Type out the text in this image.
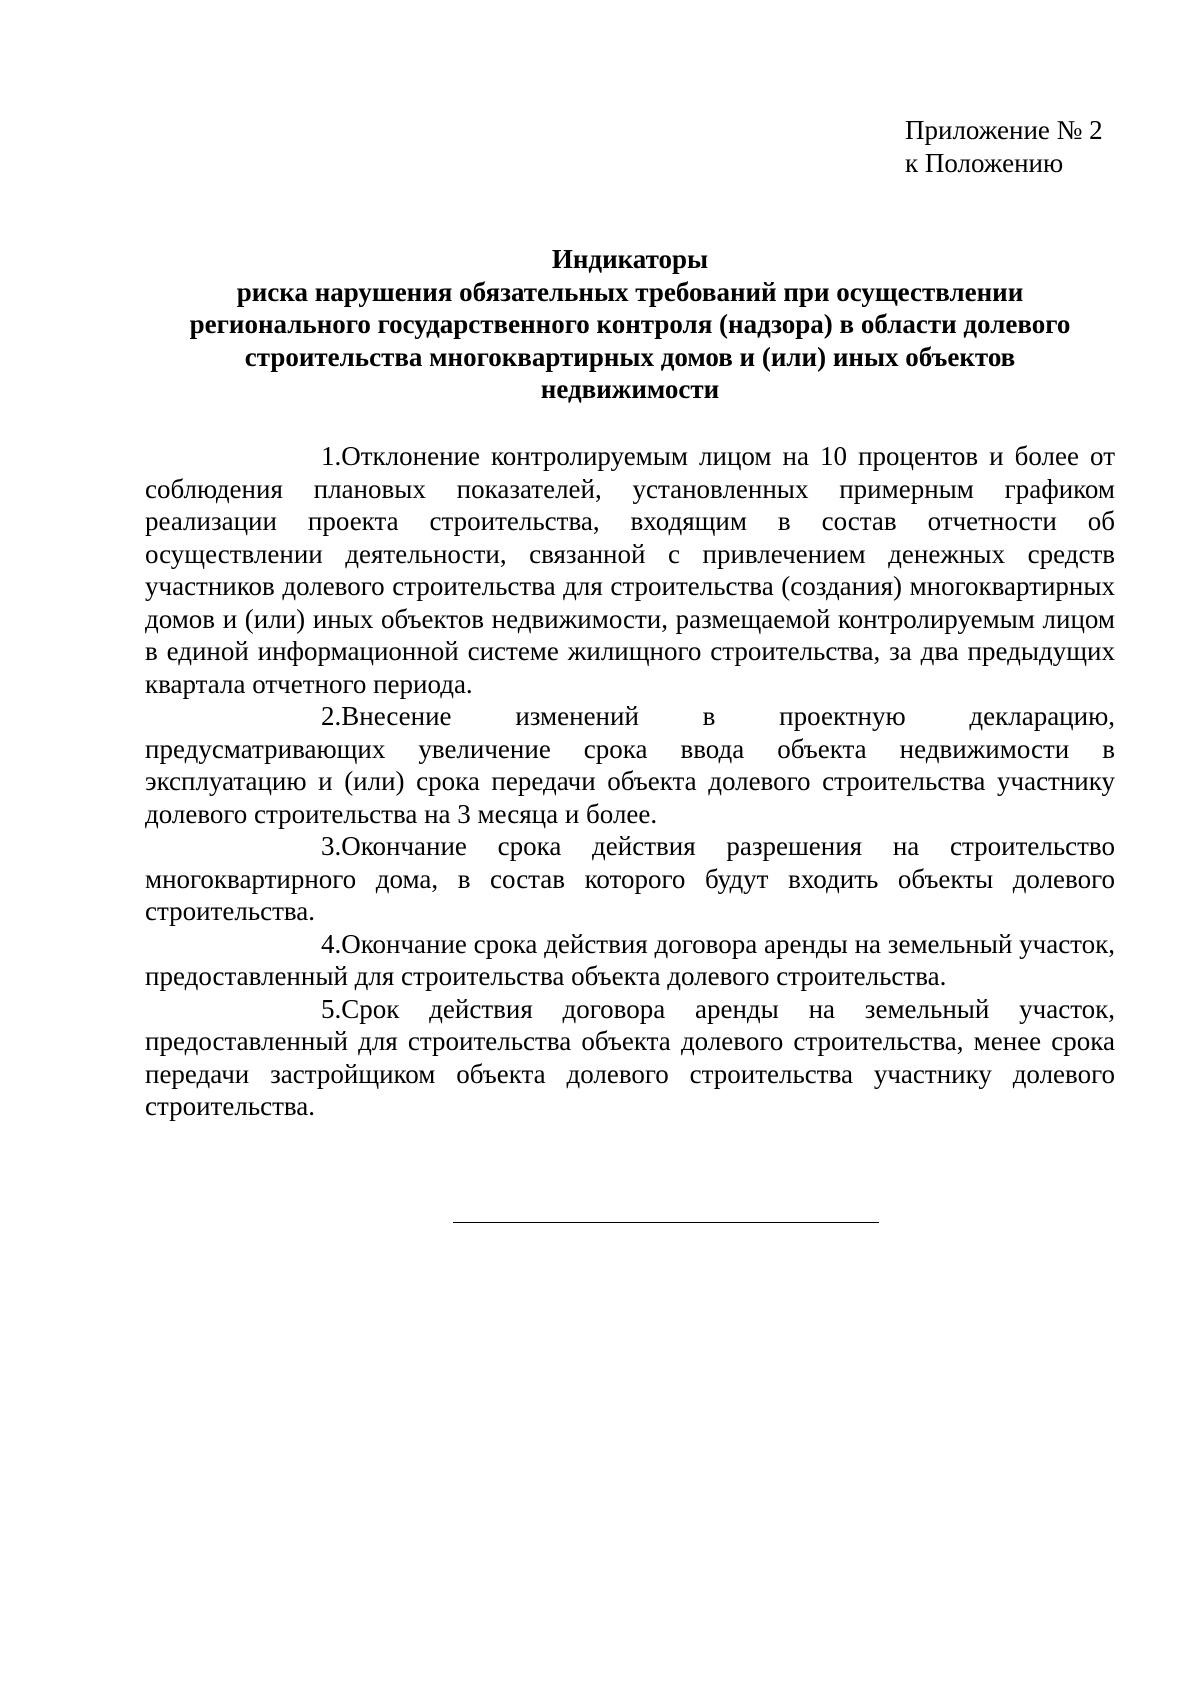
Приложение № 2
к Положению
Индикаторы
риска нарушения обязательных требований при осуществлении
регионального государственного контроля (надзора) в области долевого
строительства многоквартирных домов и (или) иных объектов
недвижимости

1.Отклонение контролируемым лицом на 10 процентов и более от соблюдения плановых показателей, установленных примерным графиком реализации проекта строительства, входящим в состав отчетности об осуществлении деятельности, связанной с привлечением денежных средств участников долевого строительства для строительства (создания) многоквартирных домов и (или) иных объектов недвижимости, размещаемой контролируемым лицом в единой информационной системе жилищного строительства, за два предыдущих квартала отчетного периода.

2.Внесение изменений в проектную декларацию, предусматривающих увеличение срока ввода объекта недвижимости в эксплуатацию и (или) срока передачи объекта долевого строительства участнику долевого строительства на 3 месяца и более.

3.Окончание срока действия разрешения на строительство многоквартирного дома, в состав которого будут входить объекты долевого строительства.

4.Окончание срока действия договора аренды на земельный участок, предоставленный для строительства объекта долевого строительства.

5.Срок действия договора аренды на земельный участок, предоставленный для строительства объекта долевого строительства, менее срока передачи застройщиком объекта долевого строительства участнику долевого строительства.
